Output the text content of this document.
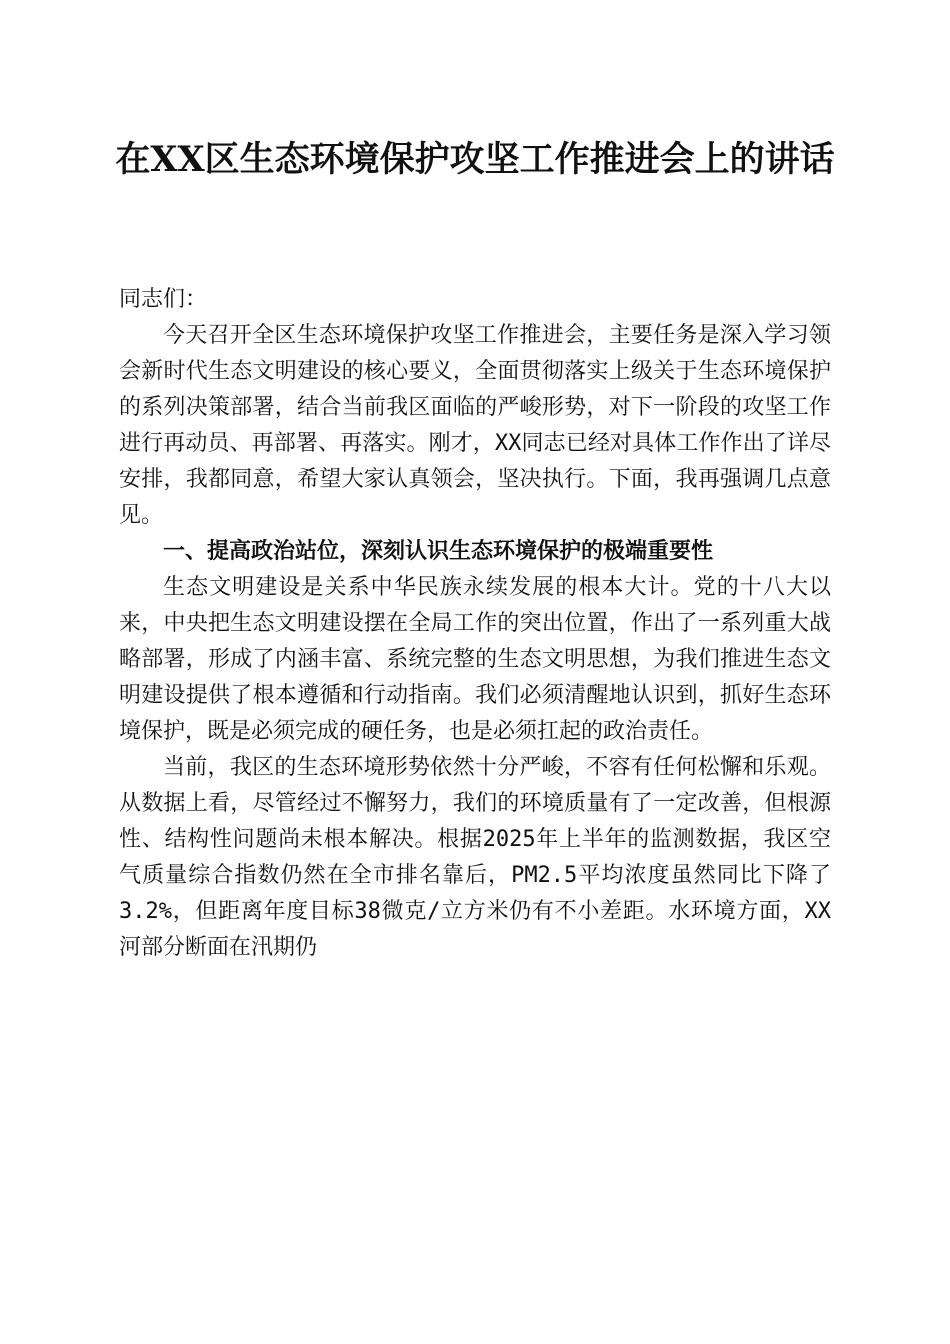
在XX区生态环境保护攻坚工作推进会上的讲话

同志们：

今天召开全区生态环境保护攻坚工作推进会，主要任务是深入学习领会新时代生态文明建设的核心要义，全面贯彻落实上级关于生态环境保护的系列决策部署，结合当前我区面临的严峻形势，对下一阶段的攻坚工作进行再动员、再部署、再落实。刚才，XX同志已经对具体工作作出了详尽安排，我都同意，希望大家认真领会，坚决执行。下面，我再强调几点意见。

一、提高政治站位，深刻认识生态环境保护的极端重要性

生态文明建设是关系中华民族永续发展的根本大计。党的十八大以来，中央把生态文明建设摆在全局工作的突出位置，作出了一系列重大战略部署，形成了内涵丰富、系统完整的生态文明思想，为我们推进生态文明建设提供了根本遵循和行动指南。我们必须清醒地认识到，抓好生态环境保护，既是必须完成的硬任务，也是必须扛起的政治责任。

当前，我区的生态环境形势依然十分严峻，不容有任何松懈和乐观。从数据上看，尽管经过不懈努力，我们的环境质量有了一定改善，但根源性、结构性问题尚未根本解决。根据2025年上半年的监测数据，我区空气质量综合指数仍然在全市排名靠后，PM2.5平均浓度虽然同比下降了3.2%，但距离年度目标38微克/立方米仍有不小差距。水环境方面，XX河部分断面在汛期仍
